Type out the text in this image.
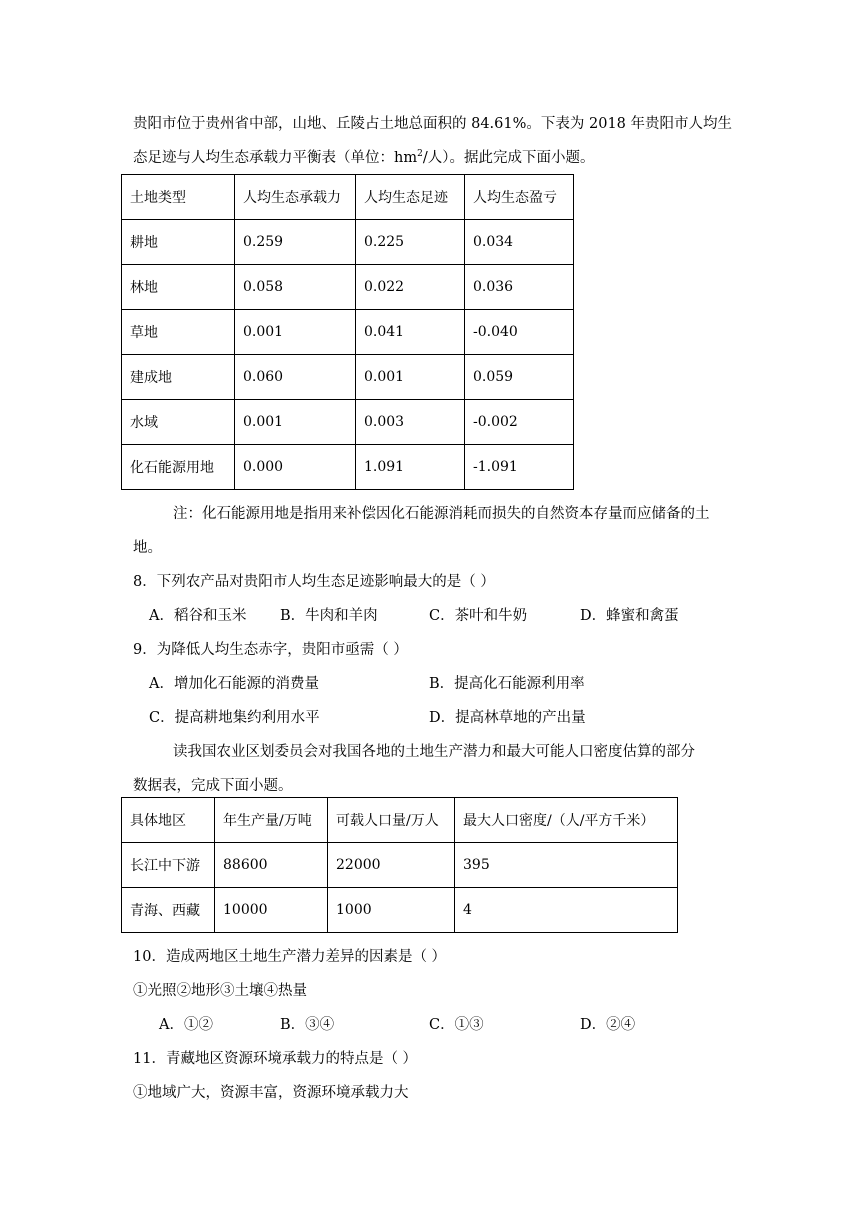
贵阳市位于贵州省中部，山地、丘陵占土地总面积的 84.61%。下表为 2018 年贵阳市人均生
态足迹与人均生态承载力平衡表（单位：$hm^2/$人）。据此完成下面小题。
土地类型	人均生态承载力	人均生态足迹	人均生态盈亏
耕地	0.259	0.225	0.034
林地	0.058	0.022	0.036
草地	0.001	0.041	-0.040
建成地	0.060	0.001	0.059
水域	0.001	0.003	-0.002
化石能源用地	0.000	1.091	-1.091
注：化石能源用地是指用来补偿因化石能源消耗而损失的自然资本存量而应储备的土
地。
8．下列农产品对贵阳市人均生态足迹影响最大的是（ ）
A．稻谷和玉米 B．牛肉和羊肉	C．茶叶和牛奶	D．蜂蜜和禽蛋
9．为降低人均生态赤字，贵阳市亟需（ ）
A．增加化石能源的消费量	B．提高化石能源利用率
C．提高耕地集约利用水平	D．提高林草地的产出量
读我国农业区划委员会对我国各地的土地生产潜力和最大可能人口密度估算的部分
数据表，完成下面小题。
具体地区	年生产量/万吨	可载人口量/万人	最大人口密度/（人/平方千米）
长江中下游	88600	22000	395
青海、西藏	10000	1000	4
10．造成两地区土地生产潜力差异的因素是（ ）
①光照②地形③土壤④热量
A．①②	B．③④	C．①③	D．②④
11．青藏地区资源环境承载力的特点是（ ）
①地域广大，资源丰富，资源环境承载力大
